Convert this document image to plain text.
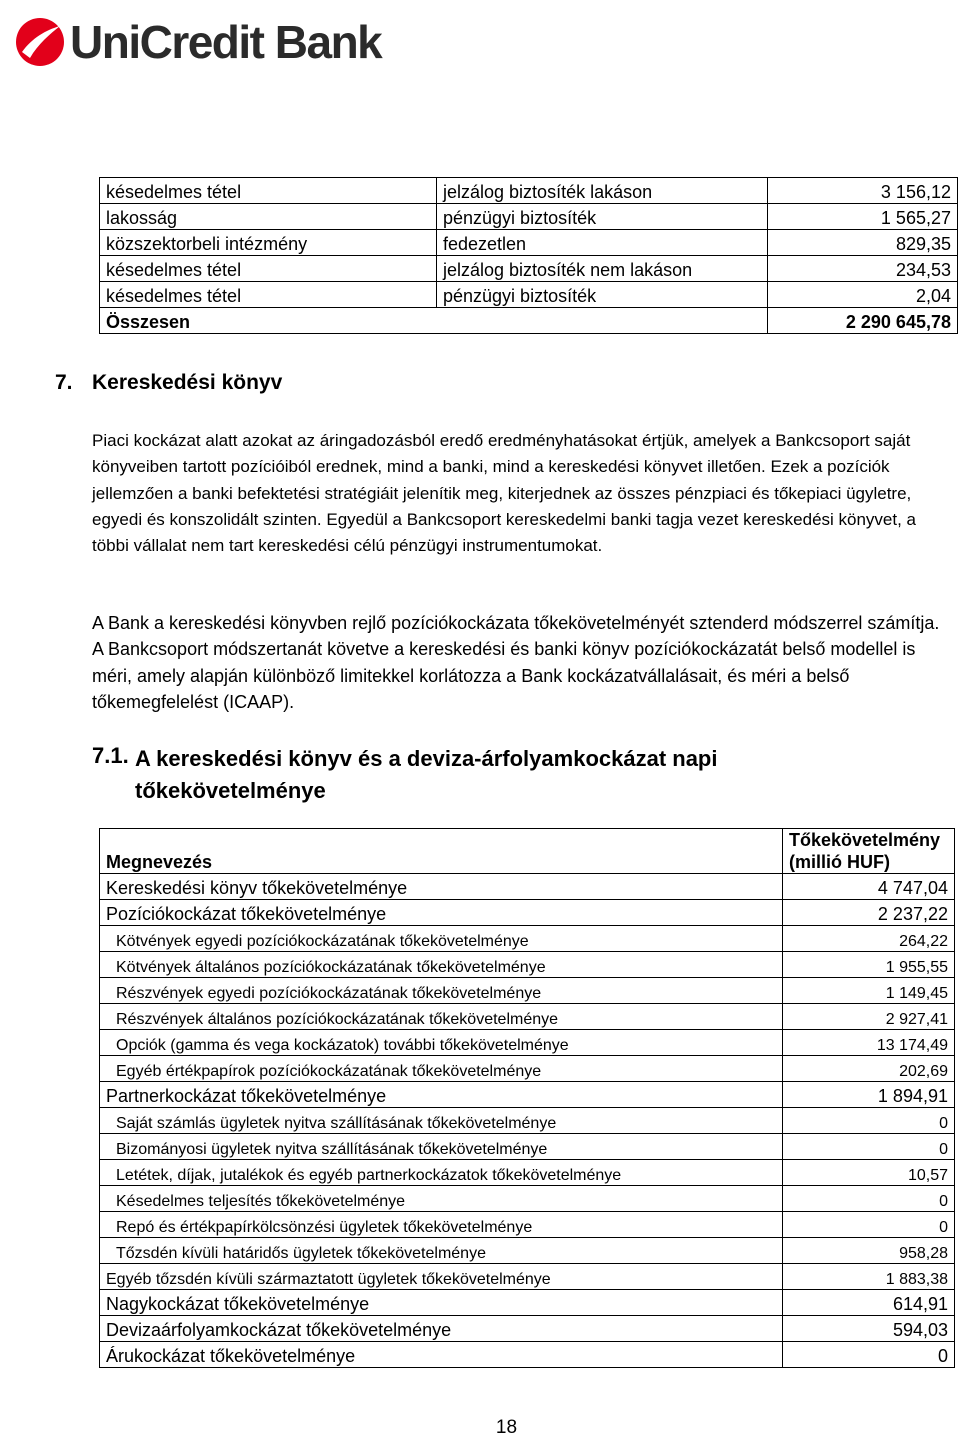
UniCredit Bank
késedelmes tétel	jelzálog biztosíték lakáson	3 156,12
lakosság	pénzügyi biztosíték	1 565,27
közszektorbeli intézmény	fedezetlen	829,35
késedelmes tétel	jelzálog biztosíték nem lakáson	234,53
késedelmes tétel	pénzügyi biztosíték	2,04
Összesen		2 290 645,78
7. Kereskedési könyv

Piaci kockázat alatt azokat az áringadozásból eredő eredményhatásokat értjük, amelyek a Bankcsoport saját könyveiben tartott pozícióiból erednek, mind a banki, mind a kereskedési könyvet illetően. Ezek a pozíciók jellemzően a banki befektetési stratégiáit jelenítik meg, kiterjednek az összes pénzpiaci és tőkepiaci ügyletre, egyedi és konszolidált szinten. Egyedül a Bankcsoport kereskedelmi banki tagja vezet kereskedési könyvet, a többi vállalat nem tart kereskedési célú pénzügyi instrumentumokat.

A Bank a kereskedési könyvben rejlő pozíciókockázata tőkekövetelményét sztenderd módszerrel számítja. A Bankcsoport módszertanát követve a kereskedési és banki könyv pozíciókockázatát belső modellel is méri, amely alapján különböző limitekkel korlátozza a Bank kockázatvállalásait, és méri a belső tőkemegfelelést (ICAAP).

7.1. A kereskedési könyv és a deviza-árfolyamkockázat napi
tőkekövetelménye
Megnevezés	Tőkekövetelmény
(millió HUF)

Kereskedési könyv tőkekövetelménye	4 747,04
Pozíciókockázat tőkekövetelménye	2 237,22
Kötvények egyedi pozíciókockázatának tőkekövetelménye	264,22
Kötvények általános pozíciókockázatának tőkekövetelménye	1 955,55
Részvények egyedi pozíciókockázatának tőkekövetelménye	1 149,45
Részvények általános pozíciókockázatának tőkekövetelménye	2 927,41
Opciók (gamma és vega kockázatok) további tőkekövetelménye	13 174,49
Egyéb értékpapírok pozíciókockázatának tőkekövetelménye	202,69
Partnerkockázat tőkekövetelménye	1 894,91
Saját számlás ügyletek nyitva szállításának tőkekövetelménye	0
Bizományosi ügyletek nyitva szállításának tőkekövetelménye	0
Letétek, díjak, jutalékok és egyéb partnerkockázatok tőkekövetelménye	10,57
Késedelmes teljesítés tőkekövetelménye	0
Repó és értékpapírkölcsönzési ügyletek tőkekövetelménye	0
Tőzsdén kívüli határidős ügyletek tőkekövetelménye	958,28
Egyéb tőzsdén kívüli származtatott ügyletek tőkekövetelménye	1 883,38
Nagykockázat tőkekövetelménye	614,91
Devizaárfolyamkockázat tőkekövetelménye	594,03
Árukockázat tőkekövetelménye	0
18
